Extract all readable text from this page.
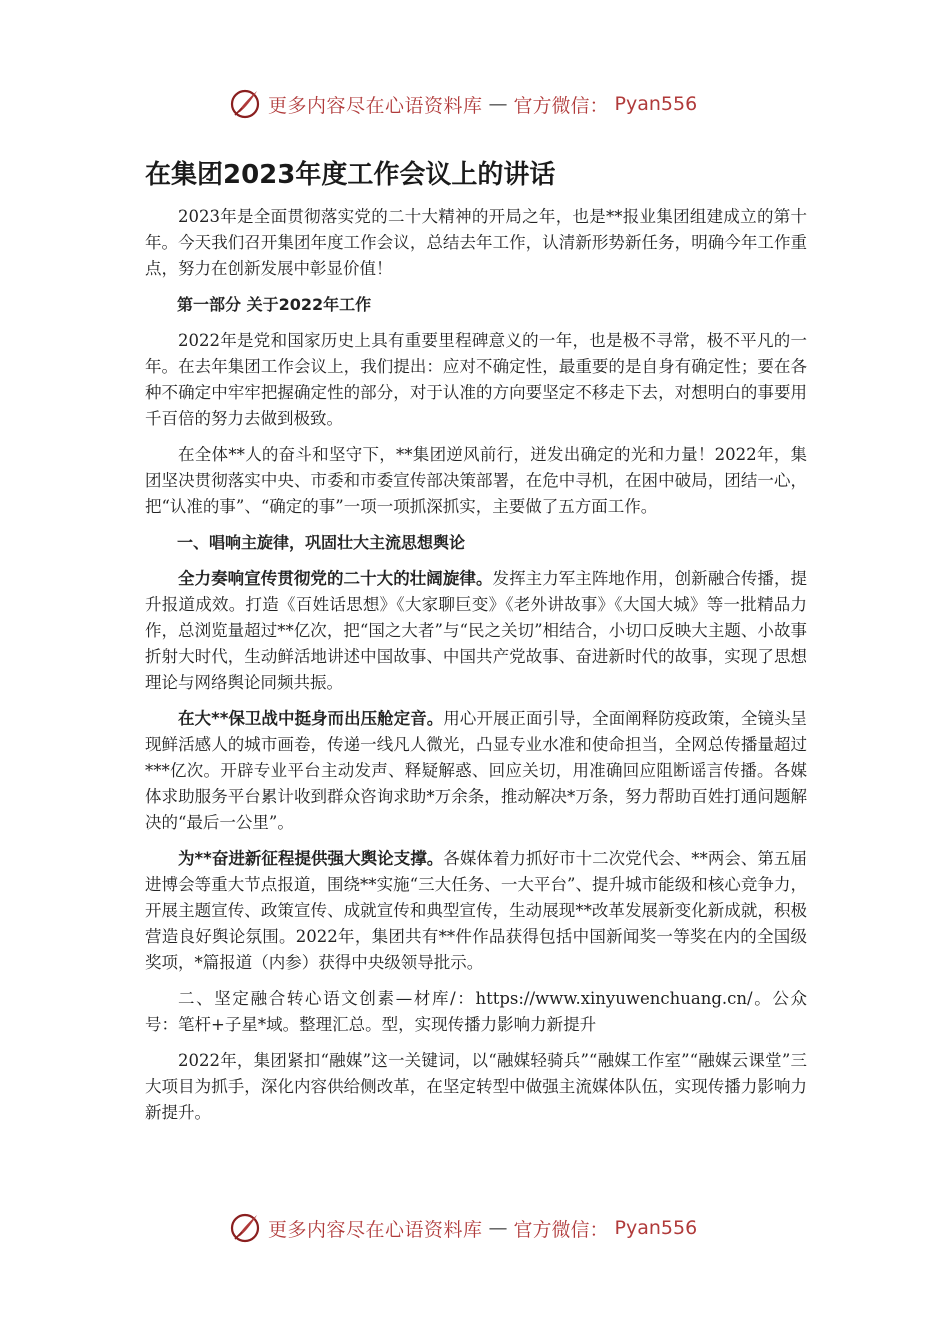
更多内容尽在心语资料库 — 官方微信： Pyan556
在集团2023年度工作会议上的讲话

2023年是全面贯彻落实党的二十大精神的开局之年，也是**报业集团组建成立的第十年。今天我们召开集团年度工作会议，总结去年工作，认清新形势新任务，明确今年工作重点，努力在创新发展中彰显价值！

第一部分 关于2022年工作

2022年是党和国家历史上具有重要里程碑意义的一年，也是极不寻常，极不平凡的一年。在去年集团工作会议上，我们提出：应对不确定性，最重要的是自身有确定性；要在各种不确定中牢牢把握确定性的部分，对于认准的方向要坚定不移走下去，对想明白的事要用千百倍的努力去做到极致。

在全体**人的奋斗和坚守下，**集团逆风前行，迸发出确定的光和力量！2022年，集团坚决贯彻落实中央、市委和市委宣传部决策部署，在危中寻机，在困中破局，团结一心，把“认准的事”、“确定的事”一项一项抓深抓实，主要做了五方面工作。

一、唱响主旋律，巩固壮大主流思想舆论

全力奏响宣传贯彻党的二十大的壮阔旋律。发挥主力军主阵地作用，创新融合传播，提升报道成效。打造《百姓话思想》《大家聊巨变》《老外讲故事》《大国大城》等一批精品力作，总浏览量超过**亿次，把“国之大者”与“民之关切”相结合，小切口反映大主题、小故事折射大时代，生动鲜活地讲述中国故事、中国共产党故事、奋进新时代的故事，实现了思想理论与网络舆论同频共振。

在大**保卫战中挺身而出压舱定音。用心开展正面引导，全面阐释防疫政策，全镜头呈现鲜活感人的城市画卷，传递一线凡人微光，凸显专业水准和使命担当，全网总传播量超过***亿次。开辟专业平台主动发声、释疑解惑、回应关切，用准确回应阻断谣言传播。各媒体求助服务平台累计收到群众咨询求助*万余条，推动解决*万条，努力帮助百姓打通问题解决的“最后一公里”。

为**奋进新征程提供强大舆论支撑。各媒体着力抓好市十二次党代会、**两会、第五届进博会等重大节点报道，围绕**实施“三大任务、一大平台”、提升城市能级和核心竞争力，开展主题宣传、政策宣传、成就宣传和典型宣传，生动展现**改革发展新变化新成就，积极营造良好舆论氛围。2022年，集团共有**件作品获得包括中国新闻奖一等奖在内的全国级奖项，*篇报道（内参）获得中央级领导批示。

二、坚定融合转心语文创素—材库/：https://www.xinyuwenchuang.cn/。公众号：笔杆+子星*域。整理汇总。型，实现传播力影响力新提升

2022年，集团紧扣“融媒”这一关键词，以“融媒轻骑兵”“融媒工作室”“融媒云课堂”三大项目为抓手，深化内容供给侧改革，在坚定转型中做强主流媒体队伍，实现传播力影响力新提升。

更多内容尽在心语资料库 — 官方微信： Pyan556
